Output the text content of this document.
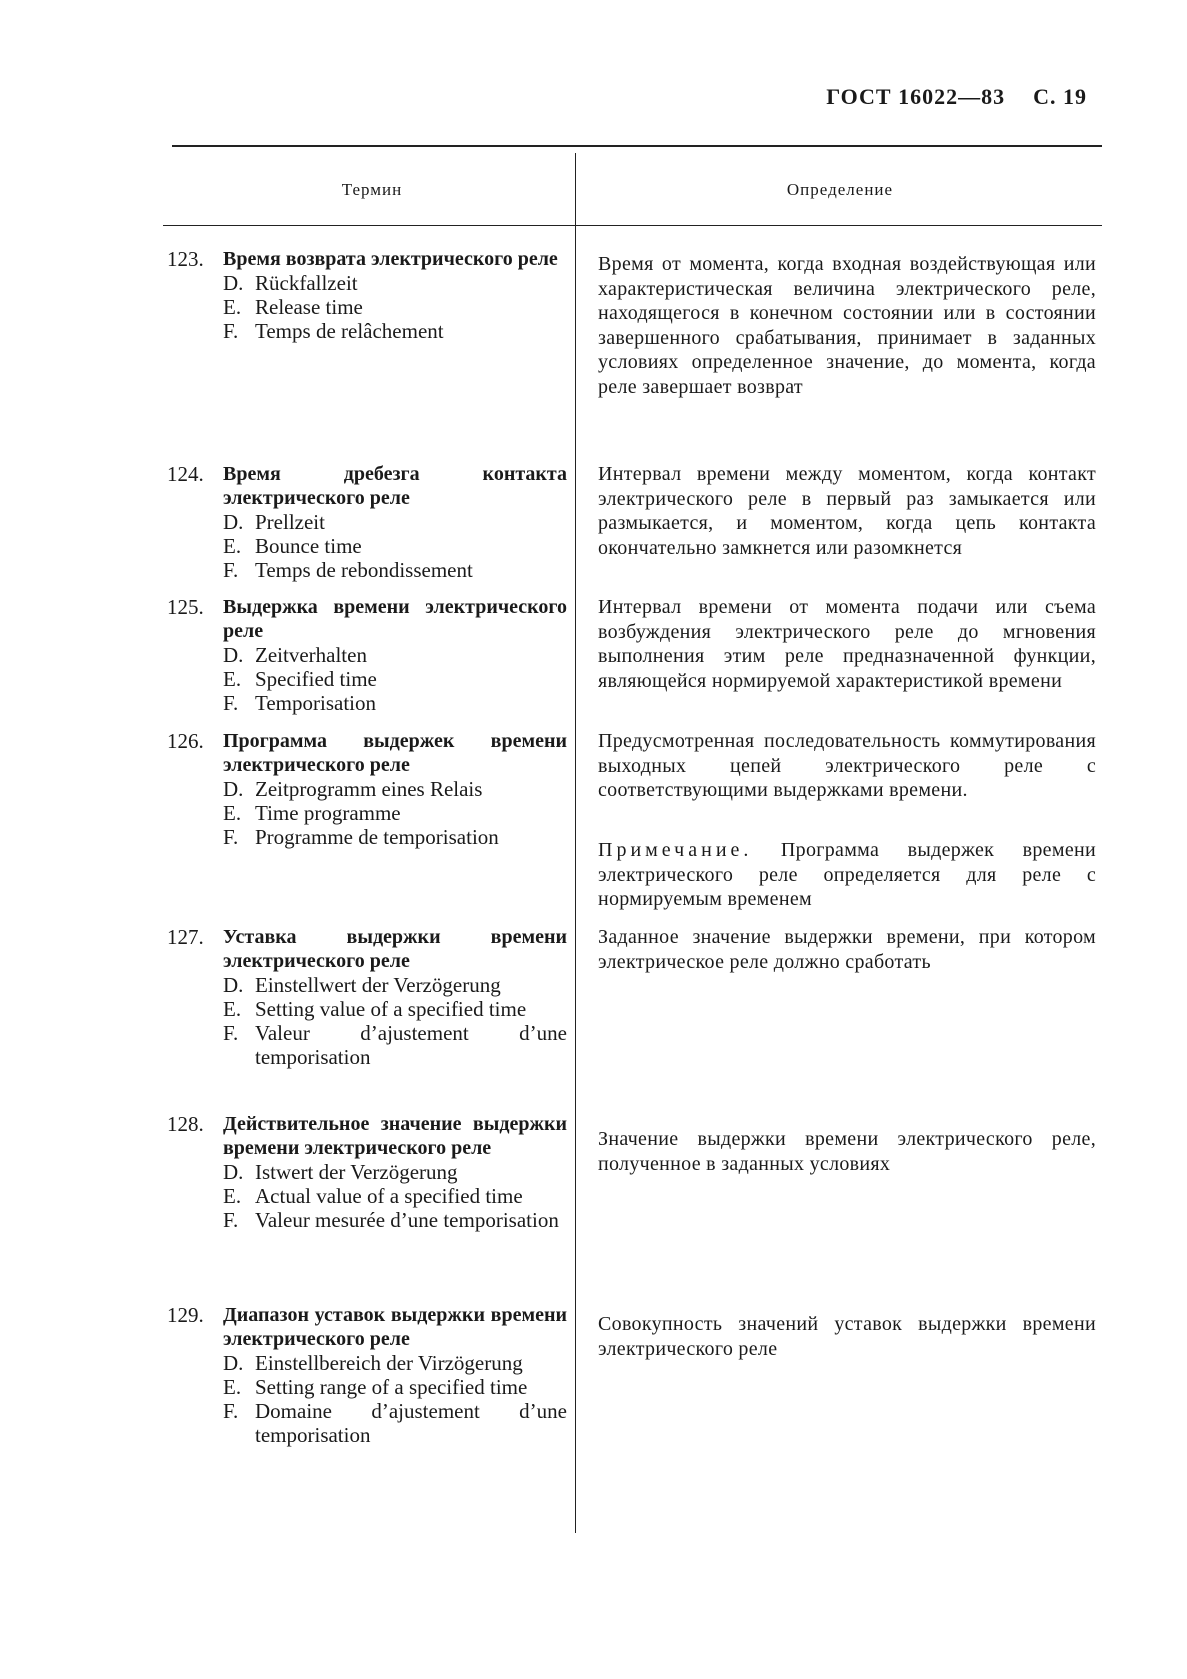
ГОСТ 16022—83 С. 19
Термин	Определение
123. Время возврата электрического реле
D. Rückfallzeit
E. Release time
F. Temps de relâchement
Время от момента, когда входная воздействующая или характеристическая величина электрического реле, находящегося в конечном состоянии или в состоянии завершенного срабатывания, принимает в заданных условиях определенное значение, до момента, когда реле завершает возврат
124. Время дребезга контакта электрического реле
D. Prellzeit
E. Bounce time
F. Temps de rebondissement
Интервал времени между моментом, когда контакт электрического реле в первый раз замыкается или размыкается, и моментом, когда цепь контакта окончательно замкнется или разомкнется
125. Выдержка времени электрического реле
D. Zeitverhalten
E. Specified time
F. Temporisation
Интервал времени от момента подачи или съема возбуждения электрического реле до мгновения выполнения этим реле предназначенной функции, являющейся нормируемой характеристикой времени
126. Программа выдержек времени электрического реле
D. Zeitprogramm eines Relais
E. Time programme
F. Programme de temporisation
Предусмотренная последовательность коммутирования выходных цепей электрического реле с соответствующими выдержками времени.
Примечание. Программа выдержек времени электрического реле определяется для реле с нормируемым временем
127. Уставка выдержки времени электрического реле
D. Einstellwert der Verzögerung
E. Setting value of a specified time
F. Valeur d’ajustement d’une temporisation
Заданное значение выдержки времени, при котором электрическое реле должно сработать
128. Действительное значение выдержки времени электрического реле
D. Istwert der Verzögerung
E. Actual value of a specified time
F. Valeur mesurée d’une temporisation
Значение выдержки времени электрического реле, полученное в заданных условиях
129. Диапазон уставок выдержки времени электрического реле
D. Einstellbereich der Virzögerung
E. Setting range of a specified time
F. Domaine d’ajustement d’une temporisation
Совокупность значений уставок выдержки времени электрического реле
